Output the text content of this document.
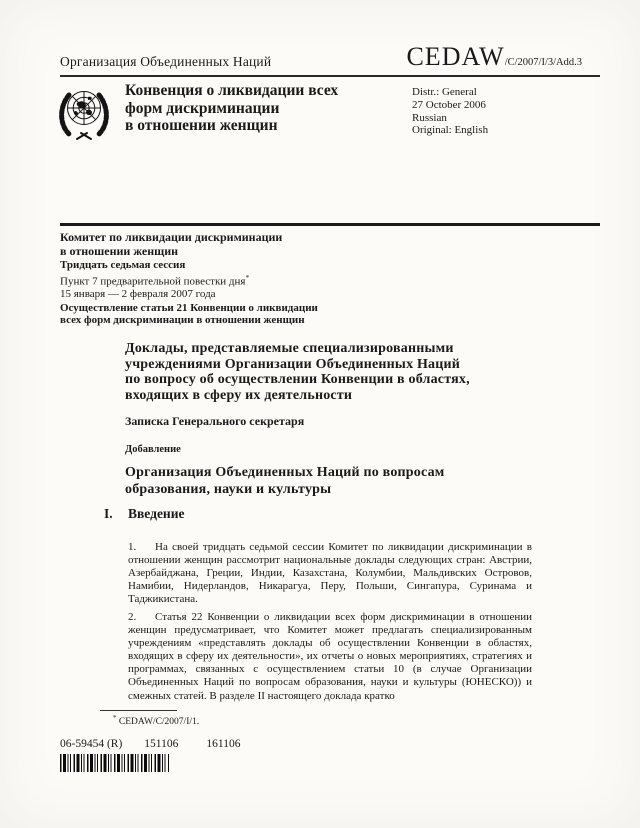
Организация Объединенных Наций	CEDAW/C/2007/I/3/Add.3
Конвенция о ликвидации всех
форм дискриминации
в отношении женщин
Distr.: General
27 October 2006
Russian
Original: English
Комитет по ликвидации дискриминации
в отношении женщин
Тридцать седьмая сессия
Пункт 7 предварительной повестки дня*
15 января — 2 февраля 2007 года
Осуществление статьи 21 Конвенции о ликвидации
всех форм дискриминации в отношении женщин
Доклады, представляемые специализированными
учреждениями Организации Объединенных Наций
по вопросу об осуществлении Конвенции в областях,
входящих в сферу их деятельности
Записка Генерального секретаря
Добавление
Организация Объединенных Наций по вопросам
образования, науки и культуры
I. Введение
1. На своей тридцать седьмой сессии Комитет по ликвидации дискриминации в отношении женщин рассмотрит национальные доклады следующих стран: Австрии, Азербайджана, Греции, Индии, Казахстана, Колумбии, Мальдивских Островов, Намибии, Нидерландов, Никарагуа, Перу, Польши, Сингапура, Суринама и Таджикистана.
2. Статья 22 Конвенции о ликвидации всех форм дискриминации в отношении женщин предусматривает, что Комитет может предлагать специализированным учреждениям «представлять доклады об осуществлении Конвенции в областях, входящих в сферу их деятельности», их отчеты о новых мероприятиях, стратегиях и программах, связанных с осуществлением статьи 10 (в случае Организации Объединенных Наций по вопросам образования, науки и культуры (ЮНЕСКО)) и смежных статей. В разделе II настоящего доклада кратко
* CEDAW/C/2007/I/1.
06-59454 (R) 151106 161106
